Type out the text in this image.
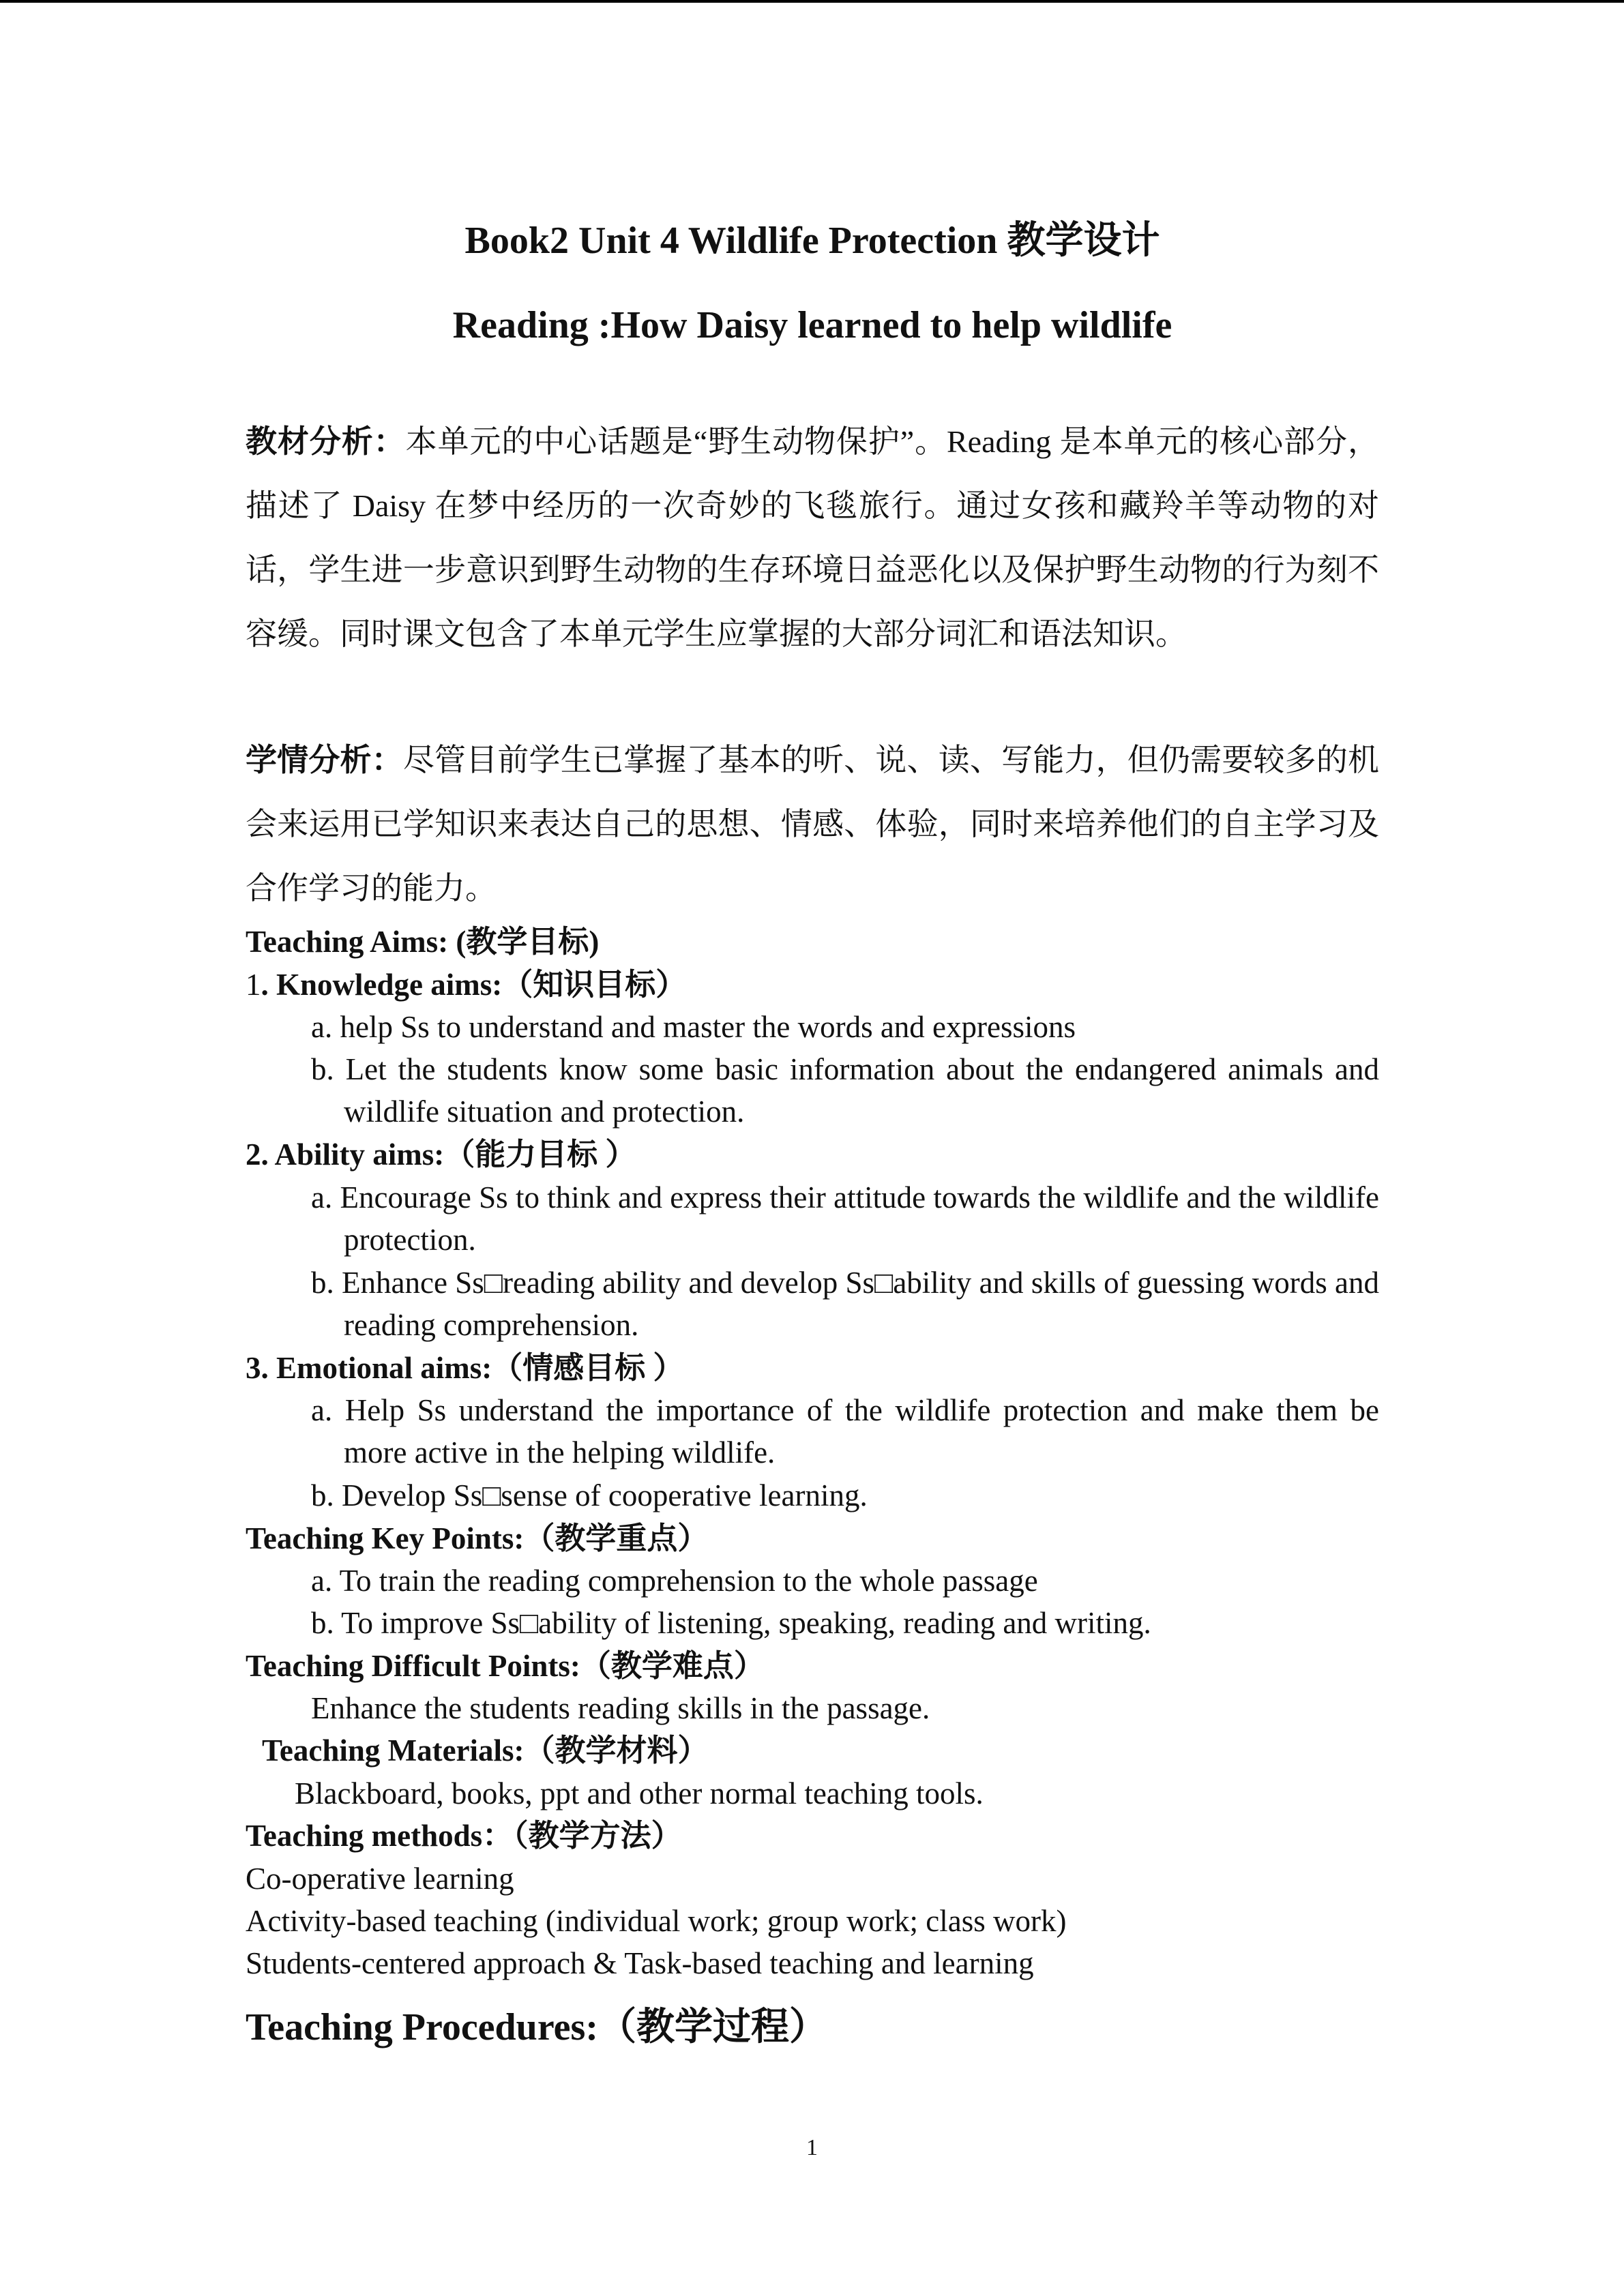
Book2 Unit 4 Wildlife Protection 教学设计
Reading :How Daisy learned to help wildlife
教材分析：本单元的中心话题是“野生动物保护”。Reading 是本单元的核心部分，描述了 Daisy 在梦中经历的一次奇妙的飞毯旅行。通过女孩和藏羚羊等动物的对话，学生进一步意识到野生动物的生存环境日益恶化以及保护野生动物的行为刻不容缓。同时课文包含了本单元学生应掌握的大部分词汇和语法知识。
学情分析：尽管目前学生已掌握了基本的听、说、读、写能力，但仍需要较多的机会来运用已学知识来表达自己的思想、情感、体验，同时来培养他们的自主学习及合作学习的能力。
Teaching Aims: (教学目标)
1. Knowledge aims:（知识目标）
a. help Ss to understand and master the words and expressions
b. Let the students know some basic information about the endangered animals and wildlife situation and protection.
2. Ability aims:（能力目标 ）
a. Encourage Ss to think and express their attitude towards the wildlife and the wildlife protection.
b. Enhance Ss□reading ability and develop Ss□ability and skills of guessing words and reading comprehension.
3. Emotional aims:（情感目标 ）
a. Help Ss understand the importance of the wildlife protection and make them be more active in the helping wildlife.
b. Develop Ss□sense of cooperative learning.
Teaching Key Points:（教学重点）
a. To train the reading comprehension to the whole passage
b. To improve Ss□ability of listening, speaking, reading and writing.
Teaching Difficult Points:（教学难点）
Enhance the students reading skills in the passage.
Teaching Materials:（教学材料）
Blackboard, books, ppt and other normal teaching tools.
Teaching methods：（教学方法）
Co-operative learning
Activity-based teaching (individual work; group work; class work)
Students-centered approach & Task-based teaching and learning
Teaching Procedures:（教学过程）
1
